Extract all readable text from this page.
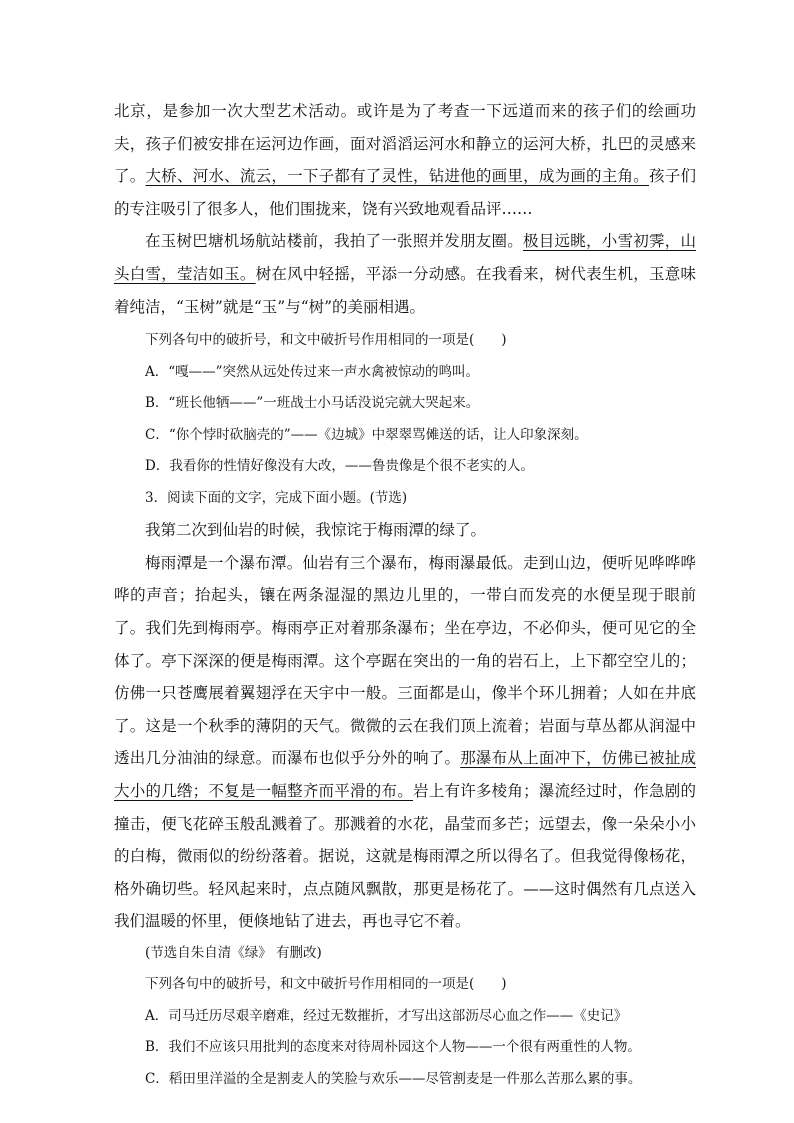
北京，是参加一次大型艺术活动。或许是为了考查一下远道而来的孩子们的绘画功夫，孩子们被安排在运河边作画，面对滔滔运河水和静立的运河大桥，扎巴的灵感来了。大桥、河水、流云，一下子都有了灵性，钻进他的画里，成为画的主角。孩子们的专注吸引了很多人，他们围拢来，饶有兴致地观看品评……

在玉树巴塘机场航站楼前，我拍了一张照并发朋友圈。极目远眺，小雪初霁，山头白雪，莹洁如玉。树在风中轻摇，平添一分动感。在我看来，树代表生机，玉意味着纯洁，“玉树”就是“玉”与“树”的美丽相遇。

下列各句中的破折号，和文中破折号作用相同的一项是(　　)

A．“嘎——”突然从远处传过来一声水禽被惊动的鸣叫。

B．“班长他牺——”一班战士小马话没说完就大哭起来。

C．“你个悖时砍脑壳的”——《边城》中翠翠骂傩送的话，让人印象深刻。

D．我看你的性情好像没有大改，——鲁贵像是个很不老实的人。

3．阅读下面的文字，完成下面小题。(节选)

我第二次到仙岩的时候，我惊诧于梅雨潭的绿了。

梅雨潭是一个瀑布潭。仙岩有三个瀑布，梅雨瀑最低。走到山边，便听见哗哗哗哗的声音；抬起头，镶在两条湿湿的黑边儿里的，一带白而发亮的水便呈现于眼前了。我们先到梅雨亭。梅雨亭正对着那条瀑布；坐在亭边，不必仰头，便可见它的全体了。亭下深深的便是梅雨潭。这个亭踞在突出的一角的岩石上，上下都空空儿的；仿佛一只苍鹰展着翼翅浮在天宇中一般。三面都是山，像半个环儿拥着；人如在井底了。这是一个秋季的薄阴的天气。微微的云在我们顶上流着；岩面与草丛都从润湿中透出几分油油的绿意。而瀑布也似乎分外的响了。那瀑布从上面冲下，仿佛已被扯成大小的几绺；不复是一幅整齐而平滑的布。岩上有许多棱角；瀑流经过时，作急剧的撞击，便飞花碎玉般乱溅着了。那溅着的水花，晶莹而多芒；远望去，像一朵朵小小的白梅，微雨似的纷纷落着。据说，这就是梅雨潭之所以得名了。但我觉得像杨花，格外确切些。轻风起来时，点点随风飘散，那更是杨花了。——这时偶然有几点送入我们温暖的怀里，便倏地钻了进去，再也寻它不着。

(节选自朱自清《绿》 有删改)

下列各句中的破折号，和文中破折号作用相同的一项是(　　)

A．司马迁历尽艰辛磨难，经过无数摧折，才写出这部沥尽心血之作——《史记》

B．我们不应该只用批判的态度来对待周朴园这个人物——一个很有两重性的人物。

C．稻田里洋溢的全是割麦人的笑脸与欢乐——尽管割麦是一件那么苦那么累的事。
